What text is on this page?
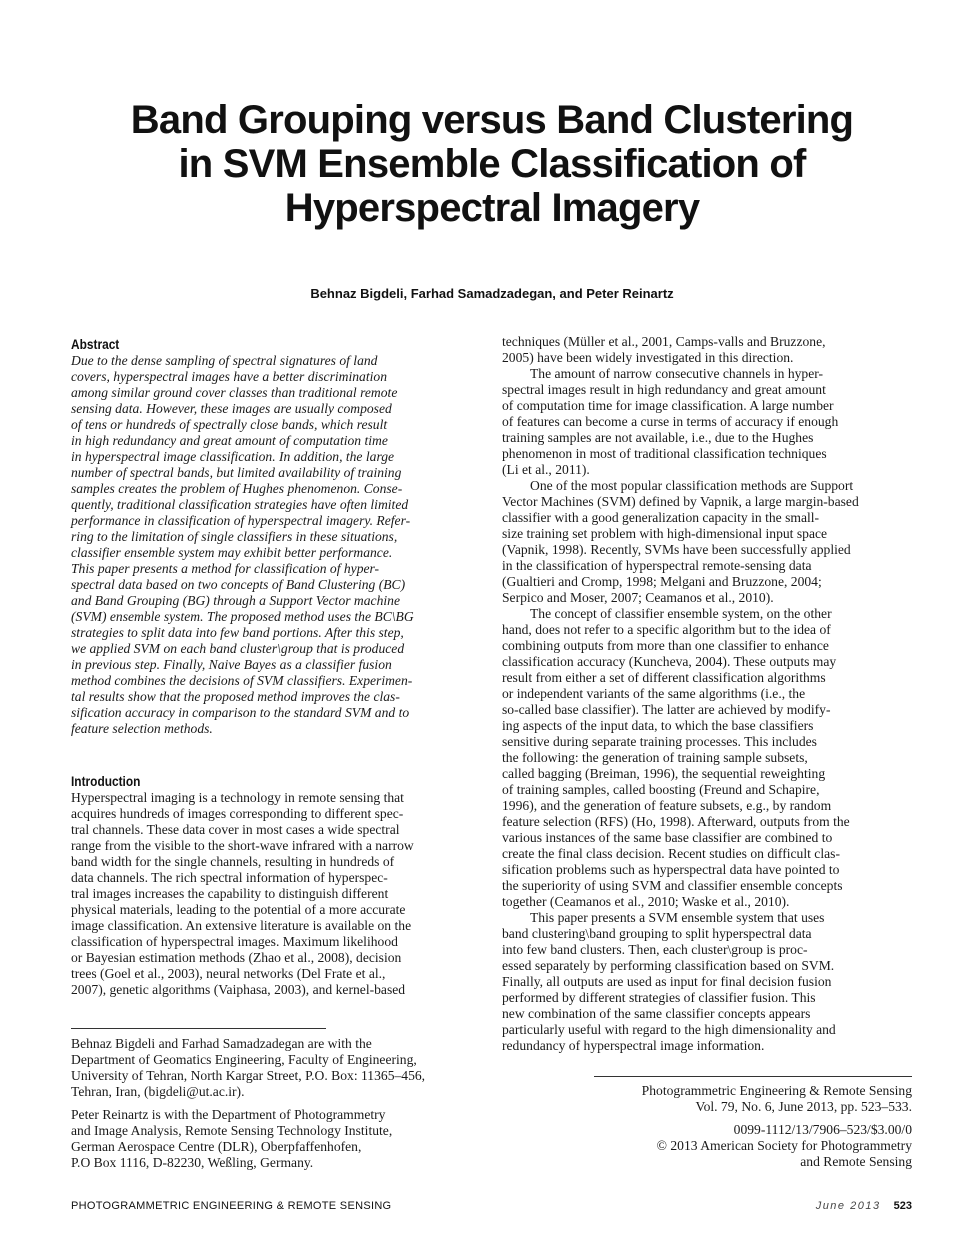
Band Grouping versus Band Clustering
in SVM Ensemble Classification of
Hyperspectral Imagery
Behnaz Bigdeli, Farhad Samadzadegan, and Peter Reinartz
Abstract
Due to the dense sampling of spectral signatures of land
covers, hyperspectral images have a better discrimination
among similar ground cover classes than traditional remote
sensing data. However, these images are usually composed
of tens or hundreds of spectrally close bands, which result
in high redundancy and great amount of computation time
in hyperspectral image classification. In addition, the large
number of spectral bands, but limited availability of training
samples creates the problem of Hughes phenomenon. Conse-
quently, traditional classification strategies have often limited
performance in classification of hyperspectral imagery. Refer-
ring to the limitation of single classifiers in these situations,
classifier ensemble system may exhibit better performance.
This paper presents a method for classification of hyper-
spectral data based on two concepts of Band Clustering (BC)
and Band Grouping (BG) through a Support Vector machine
(SVM) ensemble system. The proposed method uses the BC\BG
strategies to split data into few band portions. After this step,
we applied SVM on each band cluster\group that is produced
in previous step. Finally, Naive Bayes as a classifier fusion
method combines the decisions of SVM classifiers. Experimen-
tal results show that the proposed method improves the clas-
sification accuracy in comparison to the standard SVM and to
feature selection methods.
Introduction
Hyperspectral imaging is a technology in remote sensing that
acquires hundreds of images corresponding to different spec-
tral channels. These data cover in most cases a wide spectral
range from the visible to the short-wave infrared with a narrow
band width for the single channels, resulting in hundreds of
data channels. The rich spectral information of hyperspec-
tral images increases the capability to distinguish different
physical materials, leading to the potential of a more accurate
image classification. An extensive literature is available on the
classification of hyperspectral images. Maximum likelihood
or Bayesian estimation methods (Zhao et al., 2008), decision
trees (Goel et al., 2003), neural networks (Del Frate et al.,
2007), genetic algorithms (Vaiphasa, 2003), and kernel-based
techniques (Müller et al., 2001, Camps-valls and Bruzzone,
2005) have been widely investigated in this direction.
The amount of narrow consecutive channels in hyper-
spectral images result in high redundancy and great amount
of computation time for image classification. A large number
of features can become a curse in terms of accuracy if enough
training samples are not available, i.e., due to the Hughes
phenomenon in most of traditional classification techniques
(Li et al., 2011).
One of the most popular classification methods are Support
Vector Machines (SVM) defined by Vapnik, a large margin-based
classifier with a good generalization capacity in the small-
size training set problem with high-dimensional input space
(Vapnik, 1998). Recently, SVMs have been successfully applied
in the classification of hyperspectral remote-sensing data
(Gualtieri and Cromp, 1998; Melgani and Bruzzone, 2004;
Serpico and Moser, 2007; Ceamanos et al., 2010).
The concept of classifier ensemble system, on the other
hand, does not refer to a specific algorithm but to the idea of
combining outputs from more than one classifier to enhance
classification accuracy (Kuncheva, 2004). These outputs may
result from either a set of different classification algorithms
or independent variants of the same algorithms (i.e., the
so-called base classifier). The latter are achieved by modify-
ing aspects of the input data, to which the base classifiers
sensitive during separate training processes. This includes
the following: the generation of training sample subsets,
called bagging (Breiman, 1996), the sequential reweighting
of training samples, called boosting (Freund and Schapire,
1996), and the generation of feature subsets, e.g., by random
feature selection (RFS) (Ho, 1998). Afterward, outputs from the
various instances of the same base classifier are combined to
create the final class decision. Recent studies on difficult clas-
sification problems such as hyperspectral data have pointed to
the superiority of using SVM and classifier ensemble concepts
together (Ceamanos et al., 2010; Waske et al., 2010).
This paper presents a SVM ensemble system that uses
band clustering\band grouping to split hyperspectral data
into few band clusters. Then, each cluster\group is proc-
essed separately by performing classification based on SVM.
Finally, all outputs are used as input for final decision fusion
performed by different strategies of classifier fusion. This
new combination of the same classifier concepts appears
particularly useful with regard to the high dimensionality and
redundancy of hyperspectral image information.
Behnaz Bigdeli and Farhad Samadzadegan are with the
Department of Geomatics Engineering, Faculty of Engineering,
University of Tehran, North Kargar Street, P.O. Box: 11365–456,
Tehran, Iran, (bigdeli@ut.ac.ir).
Peter Reinartz is with the Department of Photogrammetry
and Image Analysis, Remote Sensing Technology Institute,
German Aerospace Centre (DLR), Oberpfaffenhofen,
P.O Box 1116, D-82230, Weßling, Germany.
Photogrammetric Engineering & Remote Sensing
Vol. 79, No. 6, June 2013, pp. 523–533.
0099-1112/13/7906–523/$3.00/0
© 2013 American Society for Photogrammetry
and Remote Sensing
PHOTOGRAMMETRIC ENGINEERING & REMOTE SENSING	June 2013 523
